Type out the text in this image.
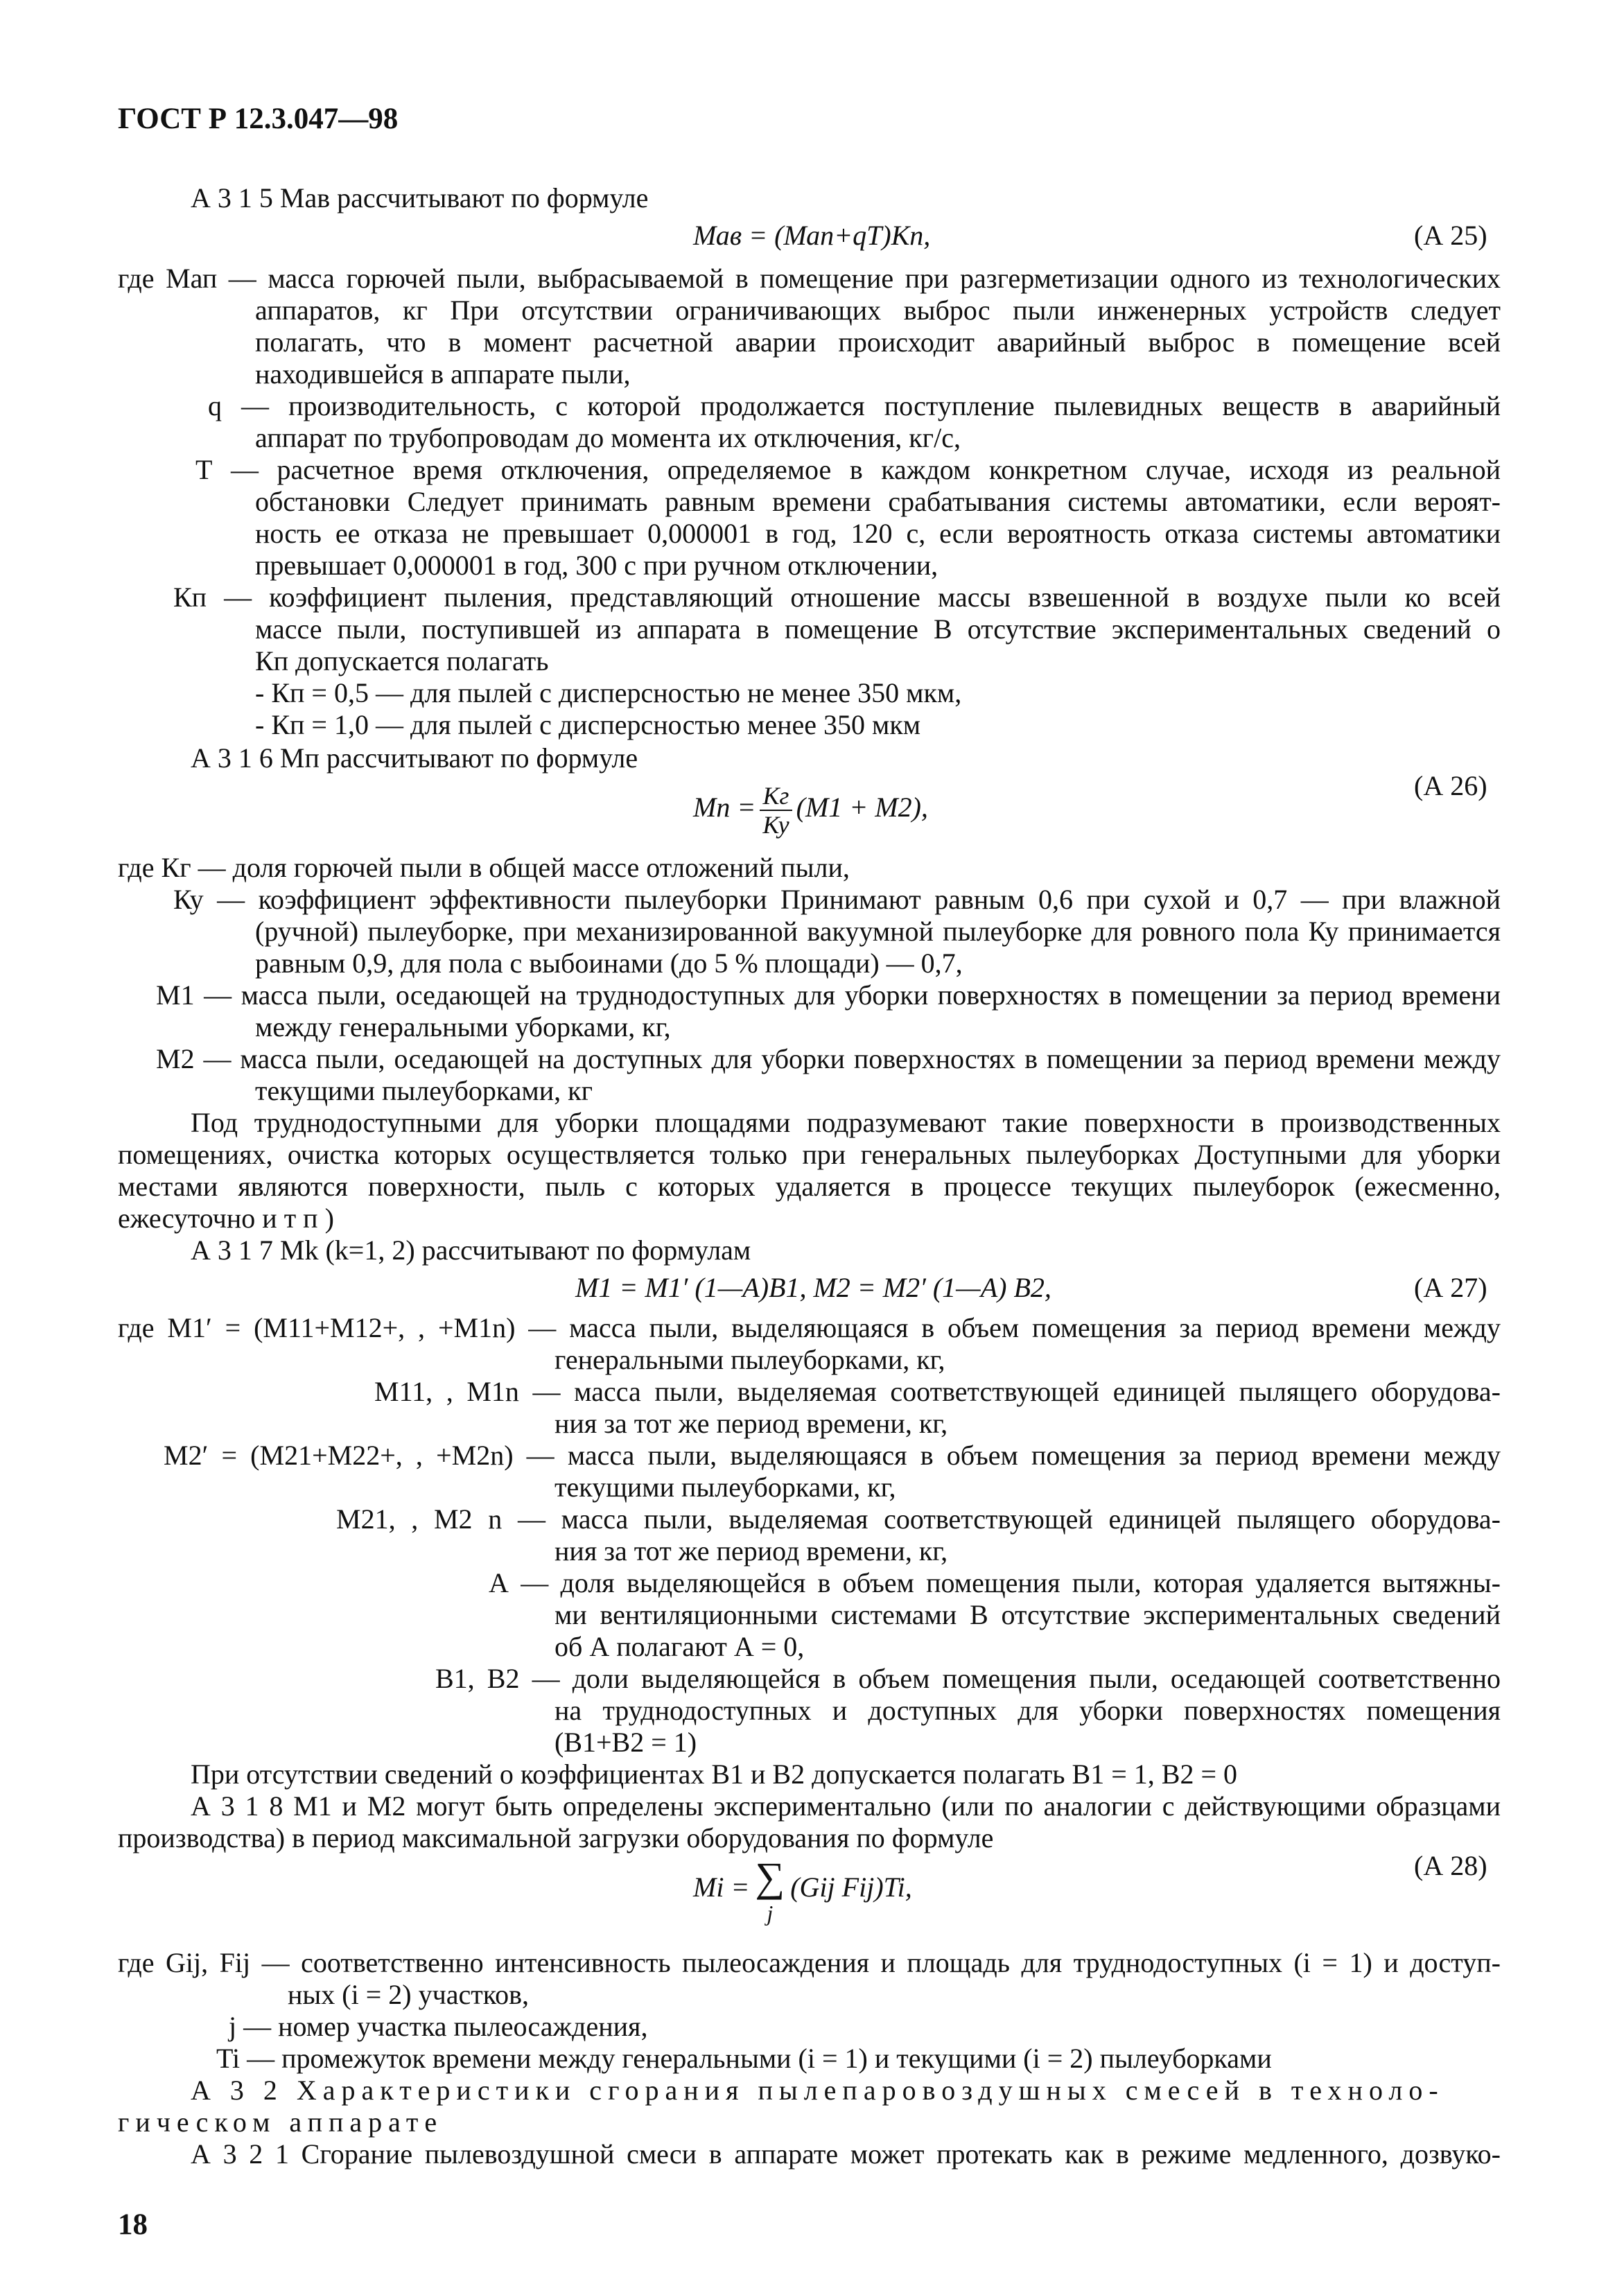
ГОСТ Р 12.3.047—98
А 3 1 5 Мав рассчитывают по формуле
Мав = (Мап+qТ)Кп,	(А 25)
где Мап — масса горючей пыли, выбрасываемой в помещение при разгерметизации одного из технологических
аппаратов, кг При отсутствии ограничивающих выброс пыли инженерных устройств следует
полагать, что в момент расчетной аварии происходит аварийный выброс в помещение всей
находившейся в аппарате пыли,
q — производительность, с которой продолжается поступление пылевидных веществ в аварийный
аппарат по трубопроводам до момента их отключения, кг/с,
Т — расчетное время отключения, определяемое в каждом конкретном случае, исходя из реальной
обстановки Следует принимать равным времени срабатывания системы автоматики, если вероят-
ность ее отказа не превышает 0,000001 в год, 120 с, если вероятность отказа системы автоматики
превышает 0,000001 в год, 300 с при ручном отключении,
Кп — коэффициент пыления, представляющий отношение массы взвешенной в воздухе пыли ко всей
массе пыли, поступившей из аппарата в помещение В отсутствие экспериментальных сведений о
Кп допускается полагать
- Кп = 0,5 — для пылей с дисперсностью не менее 350 мкм,
- Кп = 1,0 — для пылей с дисперсностью менее 350 мкм
А 3 1 6 Мп рассчитывают по формуле
Мп = $\frac{Кг}{Ку} (М1 + М2)$,
(А 26)
где Кг — доля горючей пыли в общей массе отложений пыли,
Ку — коэффициент эффективности пылеуборки Принимают равным 0,6 при сухой и 0,7 — при влажной
(ручной) пылеуборке, при механизированной вакуумной пылеуборке для ровного пола Ку принимается
равным 0,9, для пола с выбоинами (до 5 % площади) — 0,7,
М1 — масса пыли, оседающей на труднодоступных для уборки поверхностях в помещении за период времени
между генеральными уборками, кг,
М2 — масса пыли, оседающей на доступных для уборки поверхностях в помещении за период времени между
текущими пылеуборками, кг
Под труднодоступными для уборки площадями подразумевают такие поверхности в производственных
помещениях, очистка которых осуществляется только при генеральных пылеуборках Доступными для уборки
местами являются поверхности, пыль с которых удаляется в процессе текущих пылеуборок (ежесменно,
ежесуточно и т п )
А 3 1 7 Мk (k=1, 2) рассчитывают по формулам
М1 = М1′ (1—А)В1, М2 = М2′ (1—А) В2,	(А 27)
где М1′ = (М11+М12+, , +М1n) — масса пыли, выделяющаяся в объем помещения за период времени между
генеральными пылеуборками, кг,
М11, , М1n — масса пыли, выделяемая соответствующей единицей пылящего оборудова-
ния за тот же период времени, кг,
М2′ = (М21+М22+, , +М2n) — масса пыли, выделяющаяся в объем помещения за период времени между
текущими пылеуборками, кг,
М21, , М2 n — масса пыли, выделяемая соответствующей единицей пылящего оборудова-
ния за тот же период времени, кг,
А — доля выделяющейся в объем помещения пыли, которая удаляется вытяжны-
ми вентиляционными системами В отсутствие экспериментальных сведений
об А полагают А = 0,
В1, В2 — доли выделяющейся в объем помещения пыли, оседающей соответственно
на труднодоступных и доступных для уборки поверхностях помещения
(В1+В2 = 1)
При отсутствии сведений о коэффициентах В1 и В2 допускается полагать В1 = 1, В2 = 0
А 3 1 8 М1 и М2 могут быть определены экспериментально (или по аналогии с действующими образцами
производства) в период максимальной загрузки оборудования по формуле
Мi = ∑
j
(Gij Fij)Ti,
(А 28)
где Gij, Fij — соответственно интенсивность пылеосаждения и площадь для труднодоступных (i = 1) и доступ-
ных (i = 2) участков,
j — номер участка пылеосаждения,
Ti — промежуток времени между генеральными (i = 1) и текущими (i = 2) пылеуборками
А 3 2 Характеристики сгорания пылепаровоздушных смесей в техноло-
гическом аппарате
А 3 2 1 Сгорание пылевоздушной смеси в аппарате может протекать как в режиме медленного, дозвуко-
18
